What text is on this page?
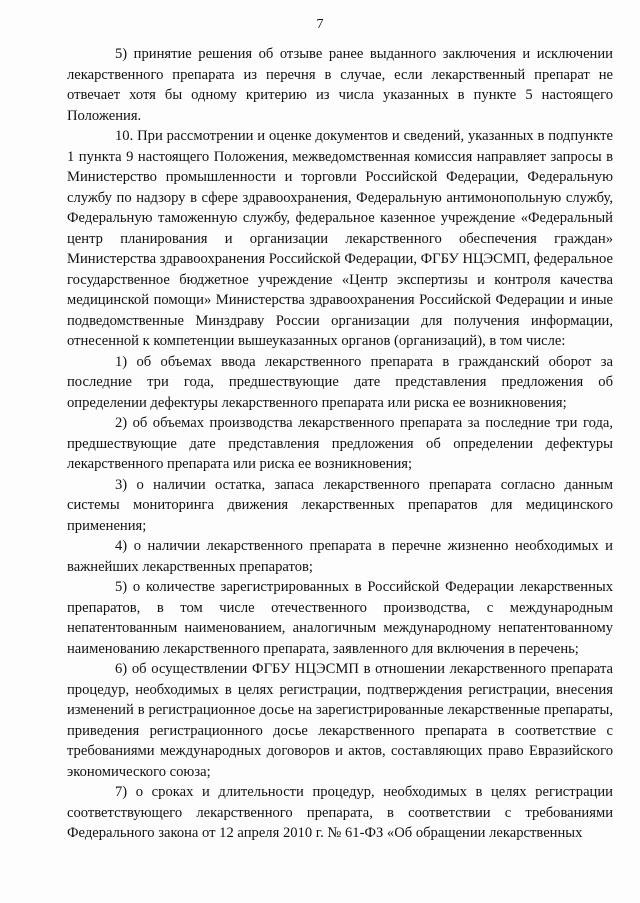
7

5) принятие решения об отзыве ранее выданного заключения и исключении лекарственного препарата из перечня в случае, если лекарственный препарат не отвечает хотя бы одному критерию из числа указанных в пункте 5 настоящего Положения.

10. При рассмотрении и оценке документов и сведений, указанных в подпункте 1 пункта 9 настоящего Положения, межведомственная комиссия направляет запросы в Министерство промышленности и торговли Российской Федерации, Федеральную службу по надзору в сфере здравоохранения, Федеральную антимонопольную службу, Федеральную таможенную службу, федеральное казенное учреждение «Федеральный центр планирования и организации лекарственного обеспечения граждан» Министерства здравоохранения Российской Федерации, ФГБУ НЦЭСМП, федеральное государственное бюджетное учреждение «Центр экспертизы и контроля качества медицинской помощи» Министерства здравоохранения Российской Федерации и иные подведомственные Минздраву России организации для получения информации, отнесенной к компетенции вышеуказанных органов (организаций), в том числе:

1) об объемах ввода лекарственного препарата в гражданский оборот за последние три года, предшествующие дате представления предложения об определении дефектуры лекарственного препарата или риска ее возникновения;

2) об объемах производства лекарственного препарата за последние три года, предшествующие дате представления предложения об определении дефектуры лекарственного препарата или риска ее возникновения;

3) о наличии остатка, запаса лекарственного препарата согласно данным системы мониторинга движения лекарственных препаратов для медицинского применения;

4) о наличии лекарственного препарата в перечне жизненно необходимых и важнейших лекарственных препаратов;

5) о количестве зарегистрированных в Российской Федерации лекарственных препаратов, в том числе отечественного производства, с международным непатентованным наименованием, аналогичным международному непатентованному наименованию лекарственного препарата, заявленного для включения в перечень;

6) об осуществлении ФГБУ НЦЭСМП в отношении лекарственного препарата процедур, необходимых в целях регистрации, подтверждения регистрации, внесения изменений в регистрационное досье на зарегистрированные лекарственные препараты, приведения регистрационного досье лекарственного препарата в соответствие с требованиями международных договоров и актов, составляющих право Евразийского экономического союза;

7) о сроках и длительности процедур, необходимых в целях регистрации соответствующего лекарственного препарата, в соответствии с требованиями Федерального закона от 12 апреля 2010 г. № 61-ФЗ «Об обращении лекарственных
